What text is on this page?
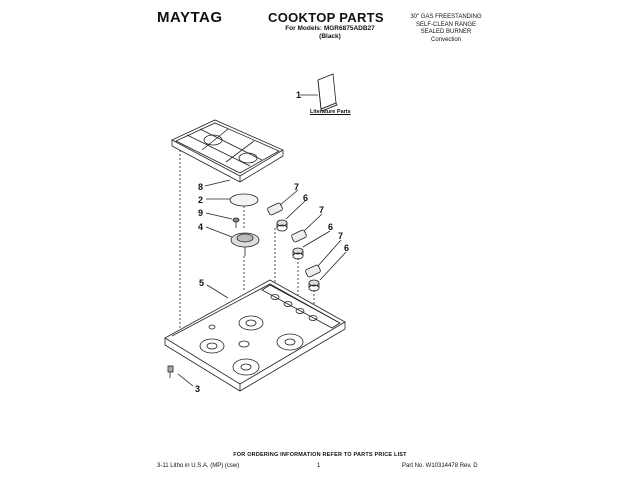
MAYTAG	COOKTOP PARTS
For Models: MGR6875ADB27
(Black)
30" GAS FREESTANDING
SELF-CLEAN RANGE
SEALED BURNER
Convection
1
8
2
9
4
5
3
7
6
7
6
7
6
Literature Parts
FOR ORDERING INFORMATION REFER TO PARTS PRICE LIST
3-11 Litho in U.S.A. (MP) (csw)	1	Part No. W10314478 Rev. D
